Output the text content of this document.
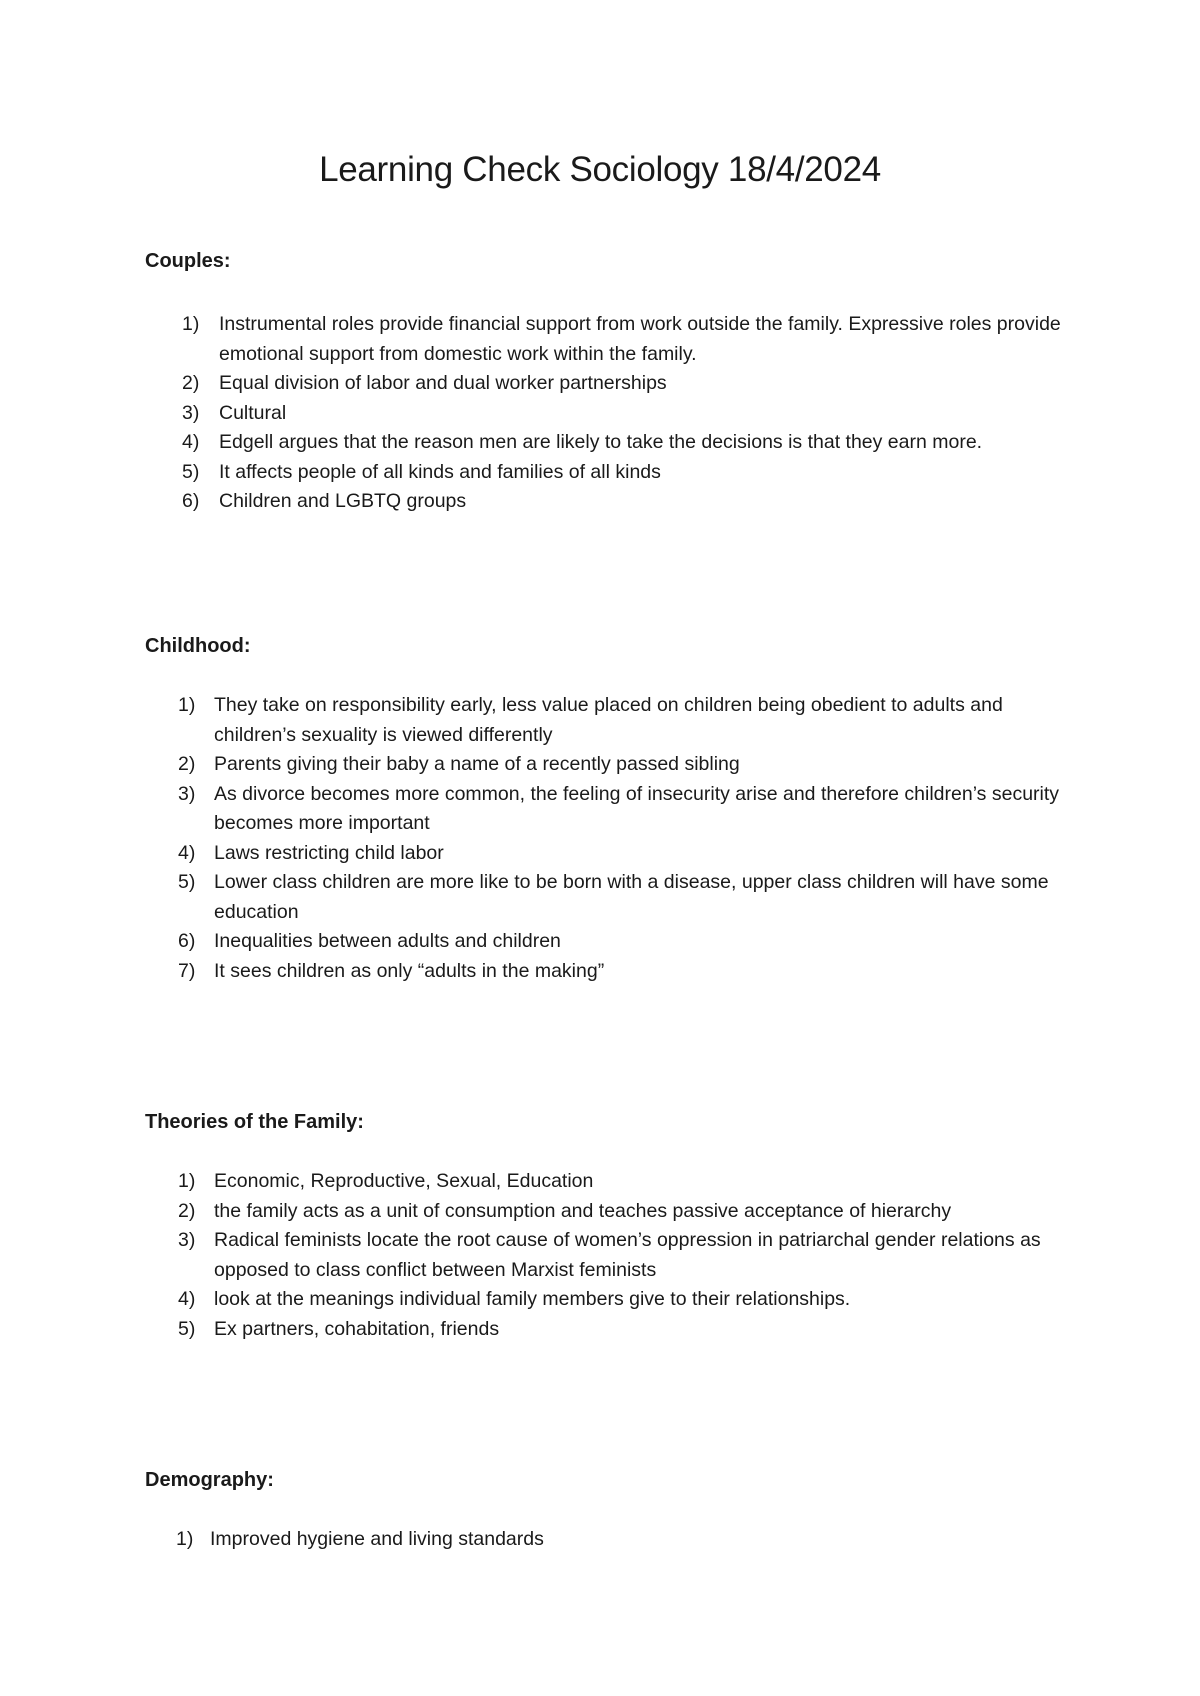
Learning Check Sociology 18/4/2024
Couples:
1) Instrumental roles provide financial support from work outside the family. Expressive roles provide emotional support from domestic work within the family.
2) Equal division of labor and dual worker partnerships
3) Cultural
4) Edgell argues that the reason men are likely to take the decisions is that they earn more.
5) It affects people of all kinds and families of all kinds
6) Children and LGBTQ groups
Childhood:
1) They take on responsibility early, less value placed on children being obedient to adults and children’s sexuality is viewed differently
2) Parents giving their baby a name of a recently passed sibling
3) As divorce becomes more common, the feeling of insecurity arise and therefore children’s security becomes more important
4) Laws restricting child labor
5) Lower class children are more like to be born with a disease, upper class children will have some education
6) Inequalities between adults and children
7) It sees children as only “adults in the making”
Theories of the Family:
1) Economic, Reproductive, Sexual, Education
2) the family acts as a unit of consumption and teaches passive acceptance of hierarchy
3) Radical feminists locate the root cause of women’s oppression in patriarchal gender relations as opposed to class conflict between Marxist feminists
4) look at the meanings individual family members give to their relationships.
5) Ex partners, cohabitation, friends
Demography:
1) Improved hygiene and living standards
